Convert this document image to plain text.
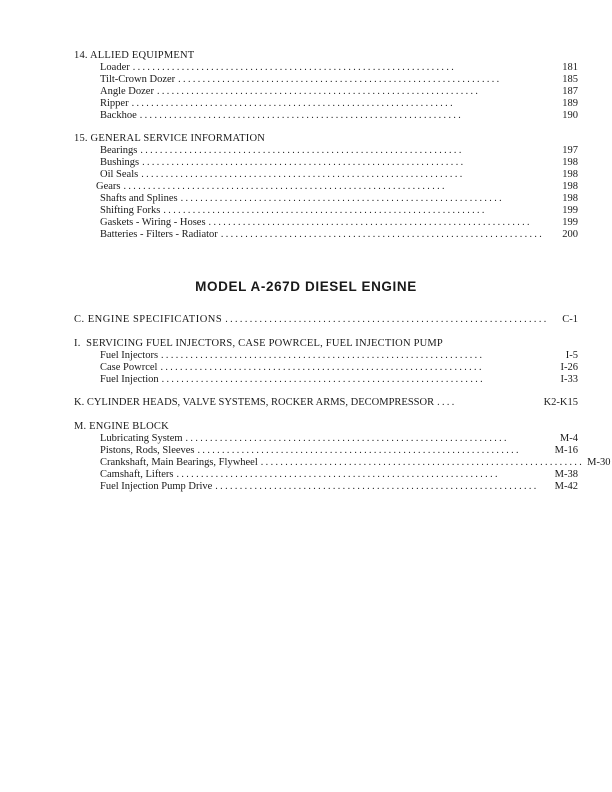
14. ALLIED EQUIPMENT
Loader ..................................................................	181
Tilt-Crown Dozer ..................................................................	185
Angle Dozer ..................................................................	187
Ripper ..................................................................	189
Backhoe ..................................................................	190
15. GENERAL SERVICE INFORMATION
Bearings ..................................................................	197
Bushings ..................................................................	198
Oil Seals ..................................................................	198
Gears ..................................................................	198
Shafts and Splines ..................................................................	198
Shifting Forks ..................................................................	199
Gaskets - Wiring - Hoses ..................................................................	199
Batteries - Filters - Radiator ..................................................................	200
MODEL A-267D DIESEL ENGINE
C. ENGINE SPECIFICATIONS ..................................................................	C-1
I.  SERVICING FUEL INJECTORS, CASE POWRCEL, FUEL INJECTION PUMP
Fuel Injectors ..................................................................	I-5
Case Powrcel ..................................................................	I-26
Fuel Injection ..................................................................	I-33
K. CYLINDER HEADS, VALVE SYSTEMS, ROCKER ARMS, DECOMPRESSOR ....	K2-K15
M. ENGINE BLOCK
Lubricating System ..................................................................	M-4
Pistons, Rods, Sleeves ..................................................................	M-16
Crankshaft, Main Bearings, Flywheel .................................................................. M-30
Camshaft, Lifters ..................................................................	M-38
Fuel Injection Pump Drive ..................................................................	M-42
